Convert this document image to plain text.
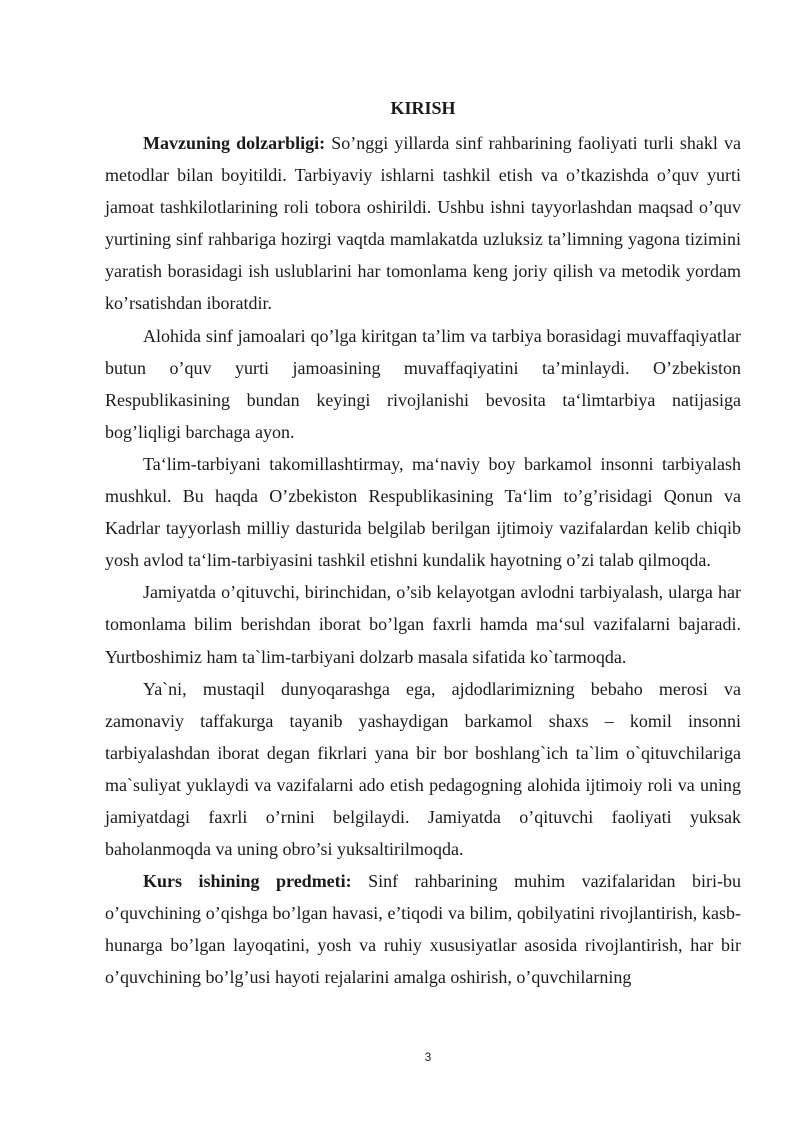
KIRISH

Mavzuning dolzarbligi: So’nggi yillarda sinf rahbarining faoliyati turli shakl va metodlar bilan boyitildi. Tarbiyaviy ishlarni tashkil etish va o’tkazishda o’quv yurti jamoat tashkilotlarining roli tobora oshirildi. Ushbu ishni tayyorlashdan maqsad o’quv yurtining sinf rahbariga hozirgi vaqtda mamlakatda uzluksiz ta’limning yagona tizimini yaratish borasidagi ish uslublarini har tomonlama keng joriy qilish va metodik yordam ko’rsatishdan iboratdir.

Alohida sinf jamoalari qo’lga kiritgan ta’lim va tarbiya borasidagi muvaffaqiyatlar butun o’quv yurti jamoasining muvaffaqiyatini ta’minlaydi. O’zbekiston Respublikasining bundan keyingi rivojlanishi bevosita ta‘limtarbiya natijasiga bog’liqligi barchaga ayon.

Ta‘lim-tarbiyani takomillashtirmay, ma‘naviy boy barkamol insonni tarbiyalash mushkul. Bu haqda O’zbekiston Respublikasining Ta‘lim to’g’risidagi Qonun va Kadrlar tayyorlash milliy dasturida belgilab berilgan ijtimoiy vazifalardan kelib chiqib yosh avlod ta‘lim-tarbiyasini tashkil etishni kundalik hayotning o’zi talab qilmoqda.

Jamiyatda o’qituvchi, birinchidan, o’sib kelayotgan avlodni tarbiyalash, ularga har tomonlama bilim berishdan iborat bo’lgan faxrli hamda ma‘sul vazifalarni bajaradi. Yurtboshimiz ham ta`lim-tarbiyani dolzarb masala sifatida ko`tarmoqda.

Ya`ni, mustaqil dunyoqarashga ega, ajdodlarimizning bebaho merosi va zamonaviy taffakurga tayanib yashaydigan barkamol shaxs – komil insonni tarbiyalashdan iborat degan fikrlari yana bir bor boshlang`ich ta`lim o`qituvchilariga ma`suliyat yuklaydi va vazifalarni ado etish pedagogning alohida ijtimoiy roli va uning jamiyatdagi faxrli o’rnini belgilaydi. Jamiyatda o’qituvchi faoliyati yuksak baholanmoqda va uning obro’si yuksaltirilmoqda.

Kurs ishining predmeti: Sinf rahbarining muhim vazifalaridan biri-bu o’quvchining o’qishga bo’lgan havasi, e’tiqodi va bilim, qobilyatini rivojlantirish, kasb-hunarga bo’lgan layoqatini, yosh va ruhiy xususiyatlar asosida rivojlantirish, har bir o’quvchining bo’lg’usi hayoti rejalarini amalga oshirish, o’quvchilarning

3
